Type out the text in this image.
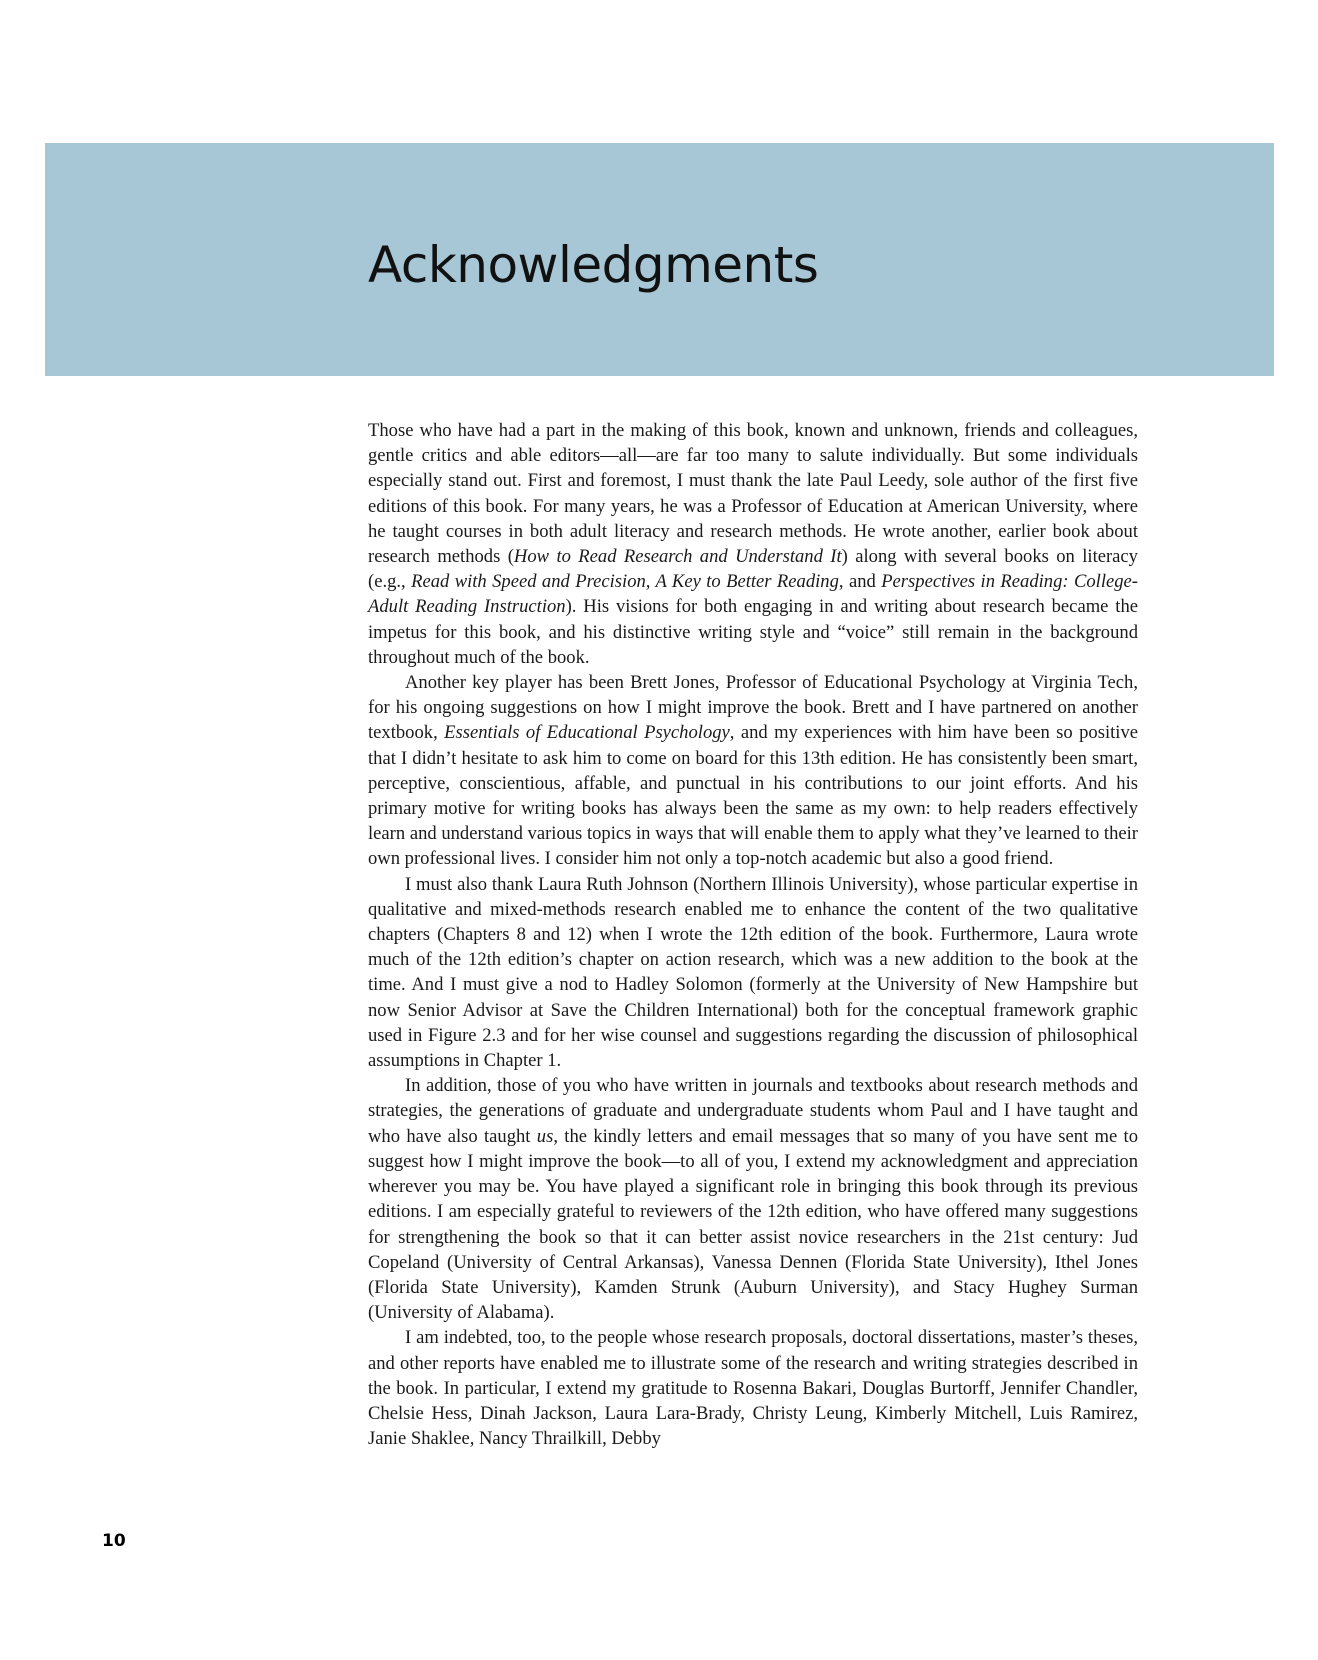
Acknowledgments

Those who have had a part in the making of this book, known and unknown, friends and colleagues, gentle critics and able editors—all—are far too many to salute individually. But some individuals especially stand out. First and foremost, I must thank the late Paul Leedy, sole author of the first five editions of this book. For many years, he was a Professor of Education at American University, where he taught courses in both adult literacy and research methods. He wrote another, earlier book about research methods (How to Read Research and Understand It) along with several books on literacy (e.g., Read with Speed and Precision, A Key to Better Reading, and Perspectives in Reading: College-Adult Reading Instruction). His visions for both engaging in and writing about research became the impetus for this book, and his distinctive writing style and “voice” still remain in the background throughout much of the book.

Another key player has been Brett Jones, Professor of Educational Psychology at Virginia Tech, for his ongoing suggestions on how I might improve the book. Brett and I have partnered on another textbook, Essentials of Educational Psychology, and my experiences with him have been so positive that I didn’t hesitate to ask him to come on board for this 13th edition. He has consistently been smart, perceptive, conscientious, affable, and punctual in his contributions to our joint efforts. And his primary motive for writing books has always been the same as my own: to help readers effectively learn and understand various topics in ways that will enable them to apply what they’ve learned to their own professional lives. I consider him not only a top-notch academic but also a good friend.

I must also thank Laura Ruth Johnson (Northern Illinois University), whose particular expertise in qualitative and mixed-methods research enabled me to enhance the content of the two qualitative chapters (Chapters 8 and 12) when I wrote the 12th edition of the book. Furthermore, Laura wrote much of the 12th edition’s chapter on action research, which was a new addition to the book at the time. And I must give a nod to Hadley Solomon (formerly at the University of New Hampshire but now Senior Advisor at Save the Children International) both for the conceptual framework graphic used in Figure 2.3 and for her wise counsel and suggestions regarding the discussion of philosophical assumptions in Chapter 1.

In addition, those of you who have written in journals and textbooks about research methods and strategies, the generations of graduate and undergraduate students whom Paul and I have taught and who have also taught us, the kindly letters and email messages that so many of you have sent me to suggest how I might improve the book—to all of you, I extend my acknowledgment and appreciation wherever you may be. You have played a significant role in bringing this book through its previous editions. I am especially grateful to reviewers of the 12th edition, who have offered many suggestions for strengthening the book so that it can better assist novice researchers in the 21st century: Jud Copeland (University of Central Arkansas), Vanessa Dennen (Florida State University), Ithel Jones (Florida State University), Kamden Strunk (Auburn University), and Stacy Hughey Surman (University of Alabama).

I am indebted, too, to the people whose research proposals, doctoral dissertations, master’s theses, and other reports have enabled me to illustrate some of the research and writing strategies described in the book. In particular, I extend my gratitude to Rosenna Bakari, Douglas Burtorff, Jennifer Chandler, Chelsie Hess, Dinah Jackson, Laura Lara-Brady, Christy Leung, Kimberly Mitchell, Luis Ramirez, Janie Shaklee, Nancy Thrailkill, Debby

10
